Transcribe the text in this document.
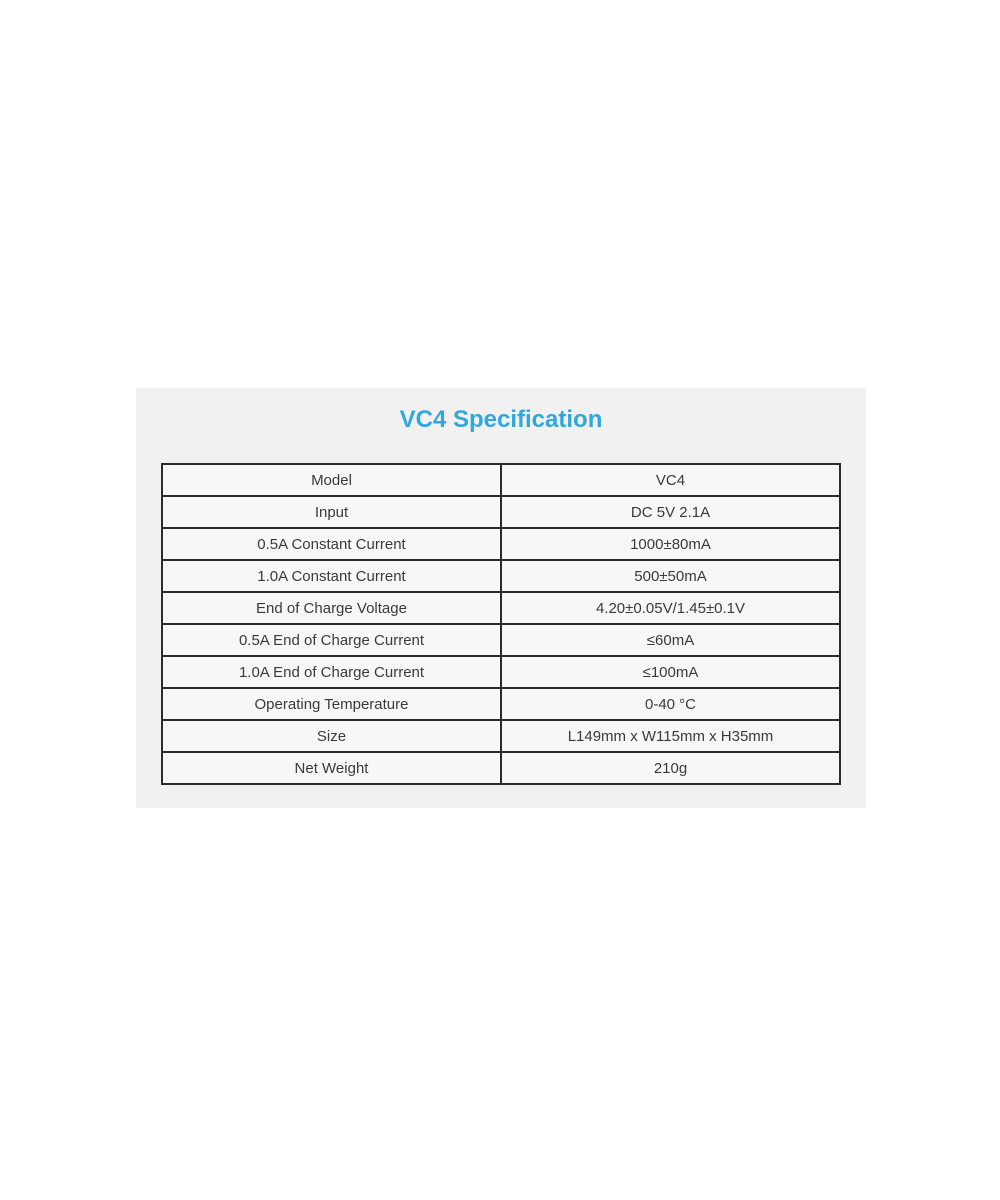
VC4 Specification
Model	VC4
Input	DC 5V 2.1A
0.5A Constant Current	1000±80mA
1.0A Constant Current	500±50mA
End of Charge Voltage	4.20±0.05V/1.45±0.1V
0.5A End of Charge Current	≤60mA
1.0A End of Charge Current	≤100mA
Operating Temperature	0-40 °C
Size	L149mm x W115mm x H35mm
Net Weight	210g
